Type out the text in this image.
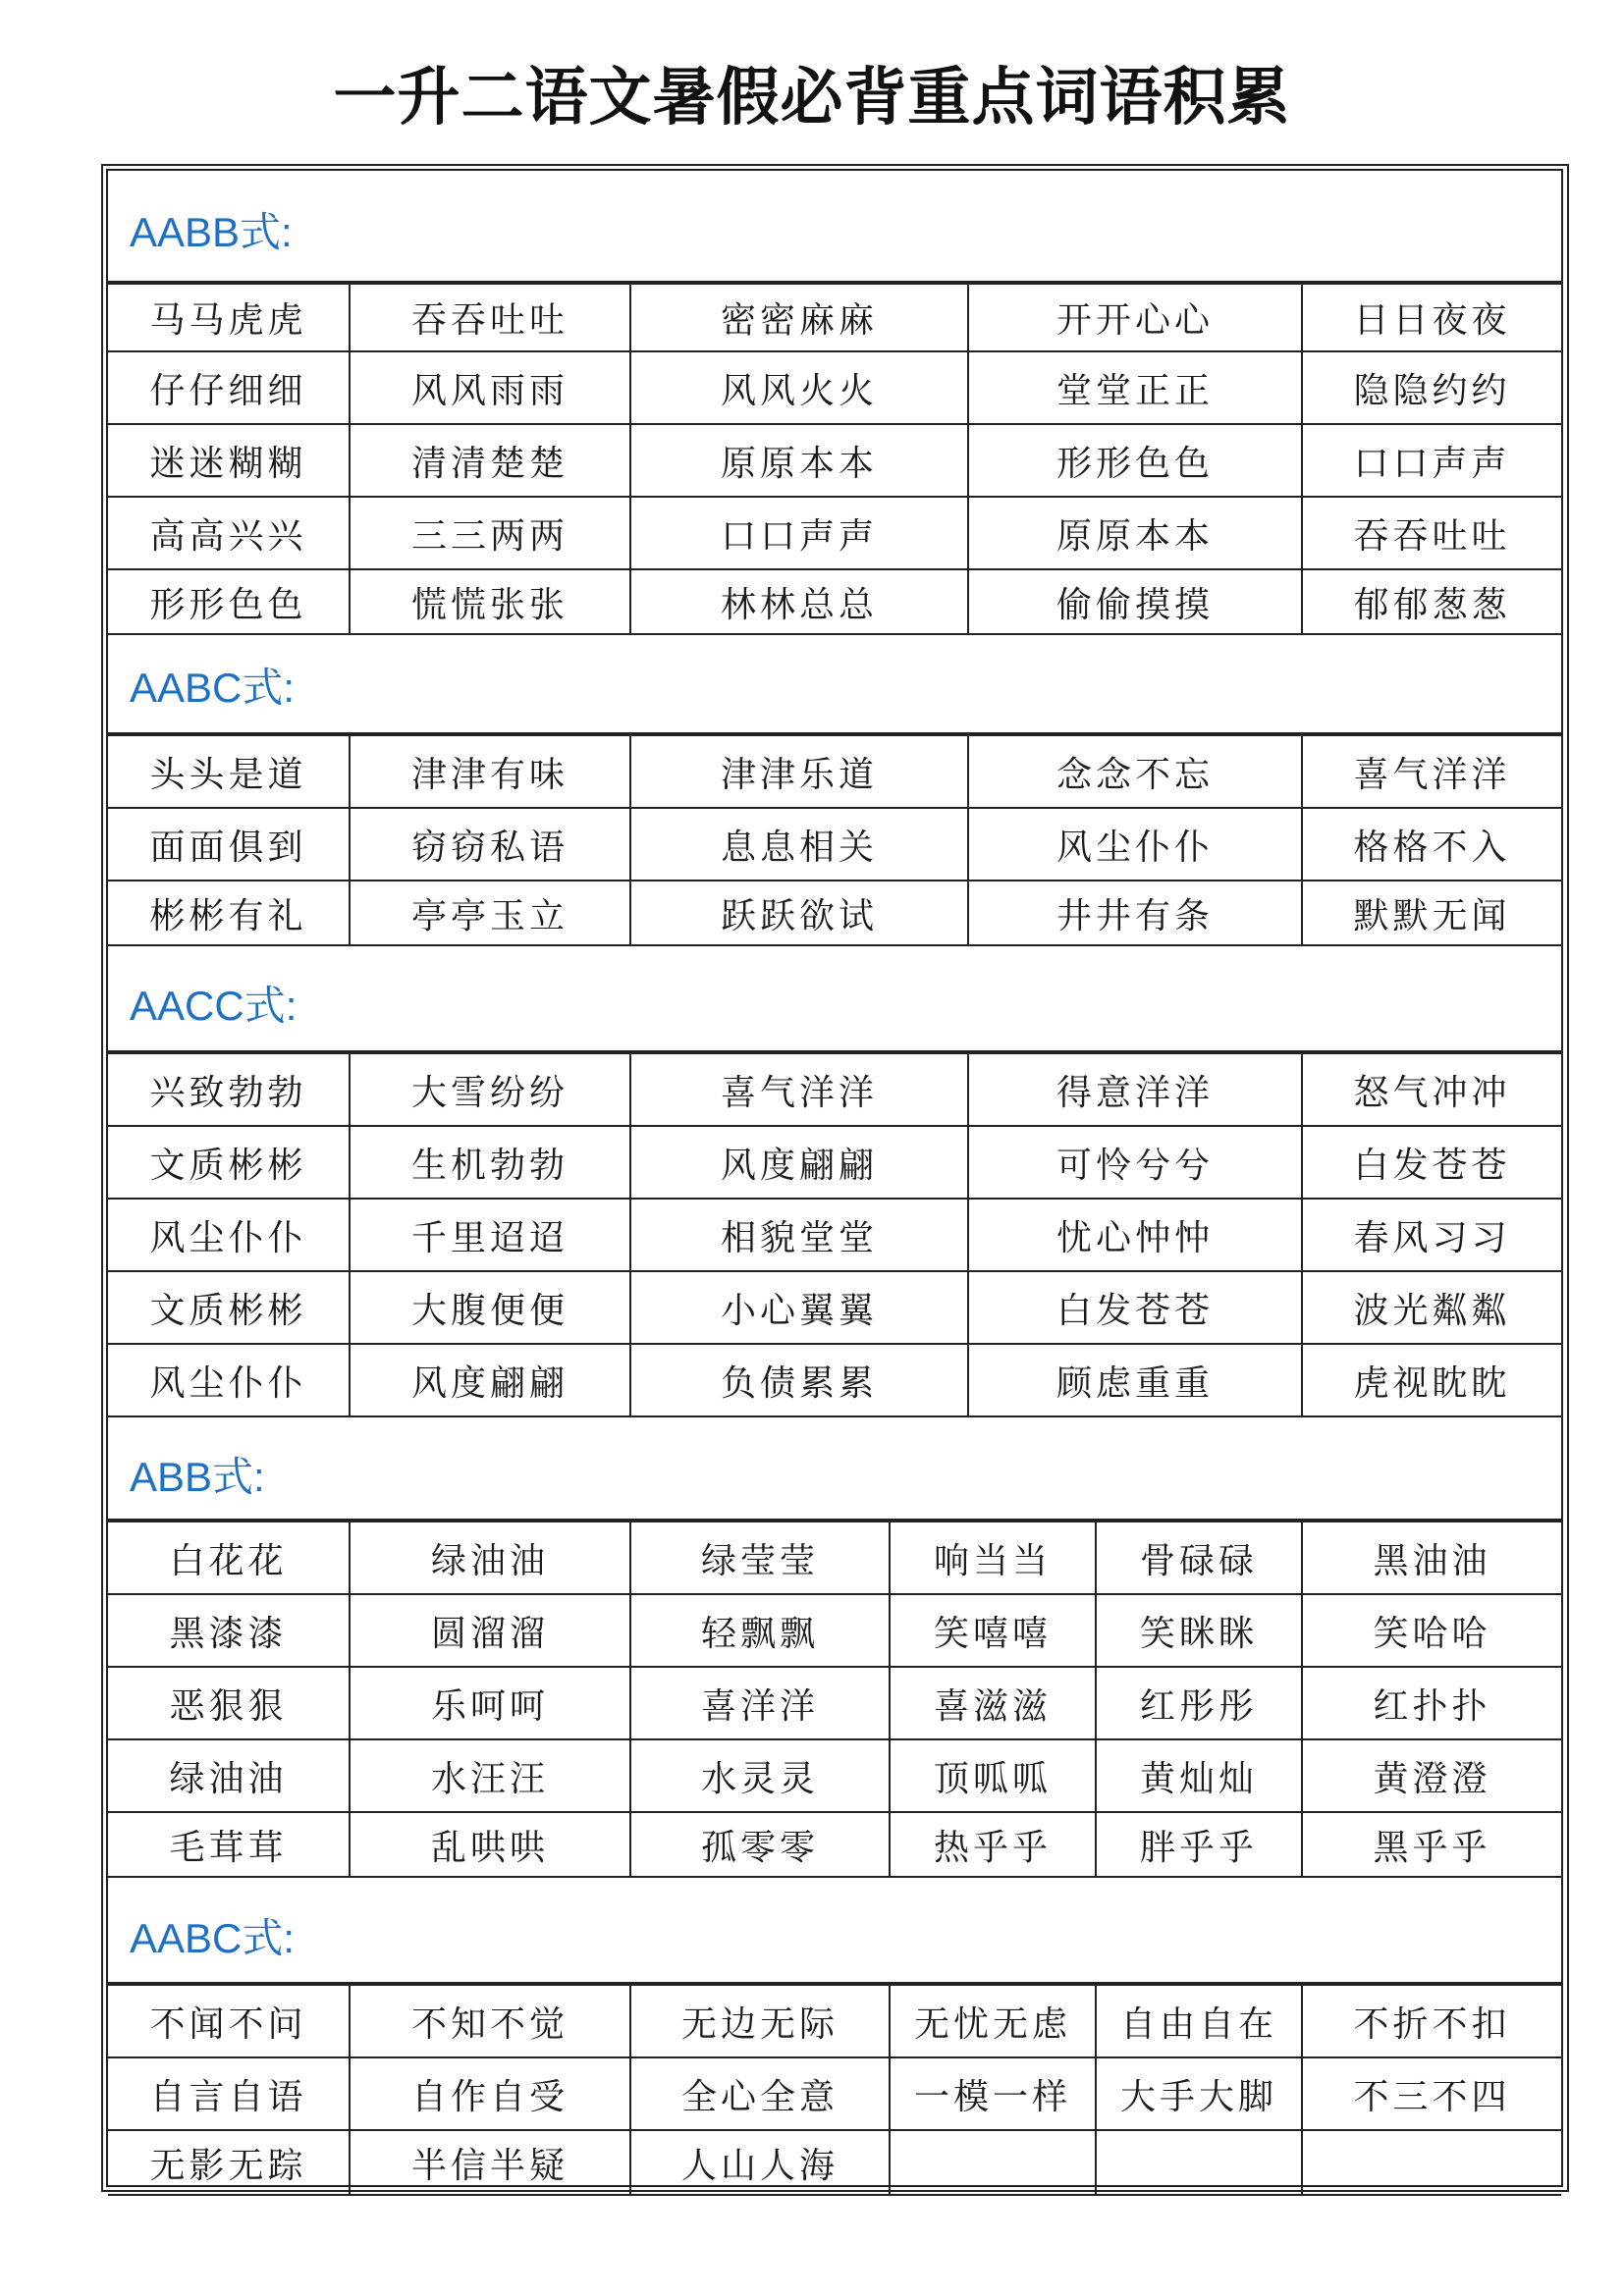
一升二语文暑假必背重点词语积累
AABB式:
马马虎虎	吞吞吐吐	密密麻麻	开开心心	日日夜夜
仔仔细细	风风雨雨	风风火火	堂堂正正	隐隐约约
迷迷糊糊	清清楚楚	原原本本	形形色色	口口声声
高高兴兴	三三两两	口口声声	原原本本	吞吞吐吐
形形色色	慌慌张张	林林总总	偷偷摸摸	郁郁葱葱
AABC式:
头头是道	津津有味	津津乐道	念念不忘	喜气洋洋
面面俱到	窃窃私语	息息相关	风尘仆仆	格格不入
彬彬有礼	亭亭玉立	跃跃欲试	井井有条	默默无闻
AACC式:
兴致勃勃	大雪纷纷	喜气洋洋	得意洋洋	怒气冲冲
文质彬彬	生机勃勃	风度翩翩	可怜兮兮	白发苍苍
风尘仆仆	千里迢迢	相貌堂堂	忧心忡忡	春风习习
文质彬彬	大腹便便	小心翼翼	白发苍苍	波光粼粼
风尘仆仆	风度翩翩	负债累累	顾虑重重	虎视眈眈
ABB式:
白花花	绿油油	绿莹莹	响当当	骨碌碌	黑油油
黑漆漆	圆溜溜	轻飘飘	笑嘻嘻	笑眯眯	笑哈哈
恶狠狠	乐呵呵	喜洋洋	喜滋滋	红彤彤	红扑扑
绿油油	水汪汪	水灵灵	顶呱呱	黄灿灿	黄澄澄
毛茸茸	乱哄哄	孤零零	热乎乎	胖乎乎	黑乎乎
AABC式:
不闻不问	不知不觉	无边无际	无忧无虑	自由自在	不折不扣
自言自语	自作自受	全心全意	一模一样	大手大脚	不三不四
无影无踪	半信半疑	人山人海			
